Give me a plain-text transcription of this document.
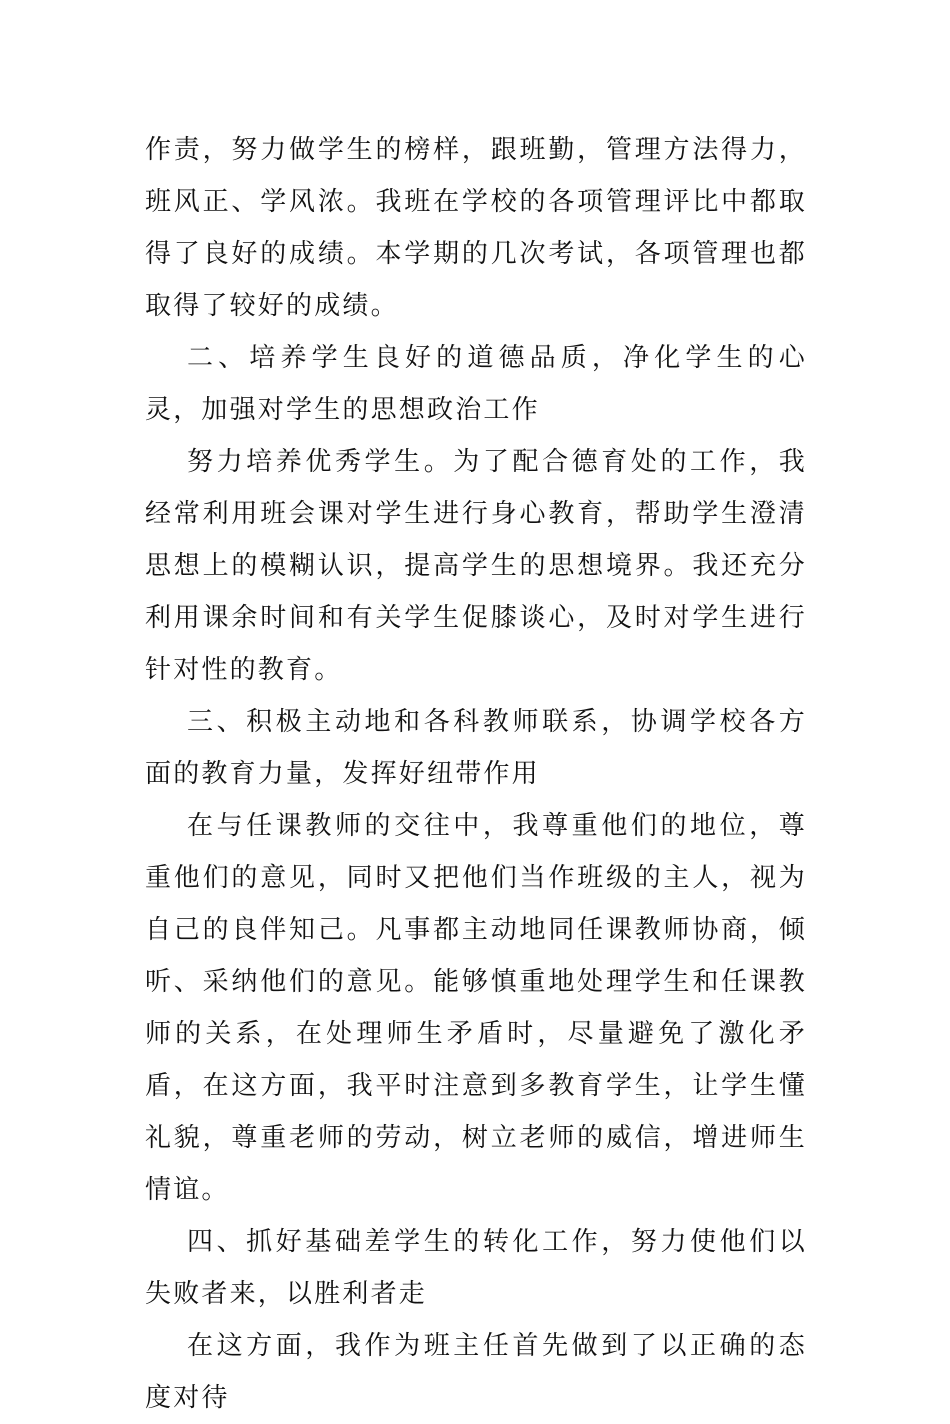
作责，努力做学生的榜样，跟班勤，管理方法得力，班风正、学风浓。我班在学校的各项管理评比中都取得了良好的成绩。本学期的几次考试，各项管理也都取得了较好的成绩。

二、培养学生良好的道德品质，净化学生的心灵，加强对学生的思想政治工作

努力培养优秀学生。为了配合德育处的工作，我经常利用班会课对学生进行身心教育，帮助学生澄清思想上的模糊认识，提高学生的思想境界。我还充分利用课余时间和有关学生促膝谈心，及时对学生进行针对性的教育。

三、积极主动地和各科教师联系，协调学校各方面的教育力量，发挥好纽带作用

在与任课教师的交往中，我尊重他们的地位，尊重他们的意见，同时又把他们当作班级的主人，视为自己的良伴知己。凡事都主动地同任课教师协商，倾听、采纳他们的意见。能够慎重地处理学生和任课教师的关系，在处理师生矛盾时，尽量避免了激化矛盾，在这方面，我平时注意到多教育学生，让学生懂礼貌，尊重老师的劳动，树立老师的威信，增进师生情谊。

四、抓好基础差学生的转化工作，努力使他们以失败者来，以胜利者走

在这方面，我作为班主任首先做到了以正确的态度对待
